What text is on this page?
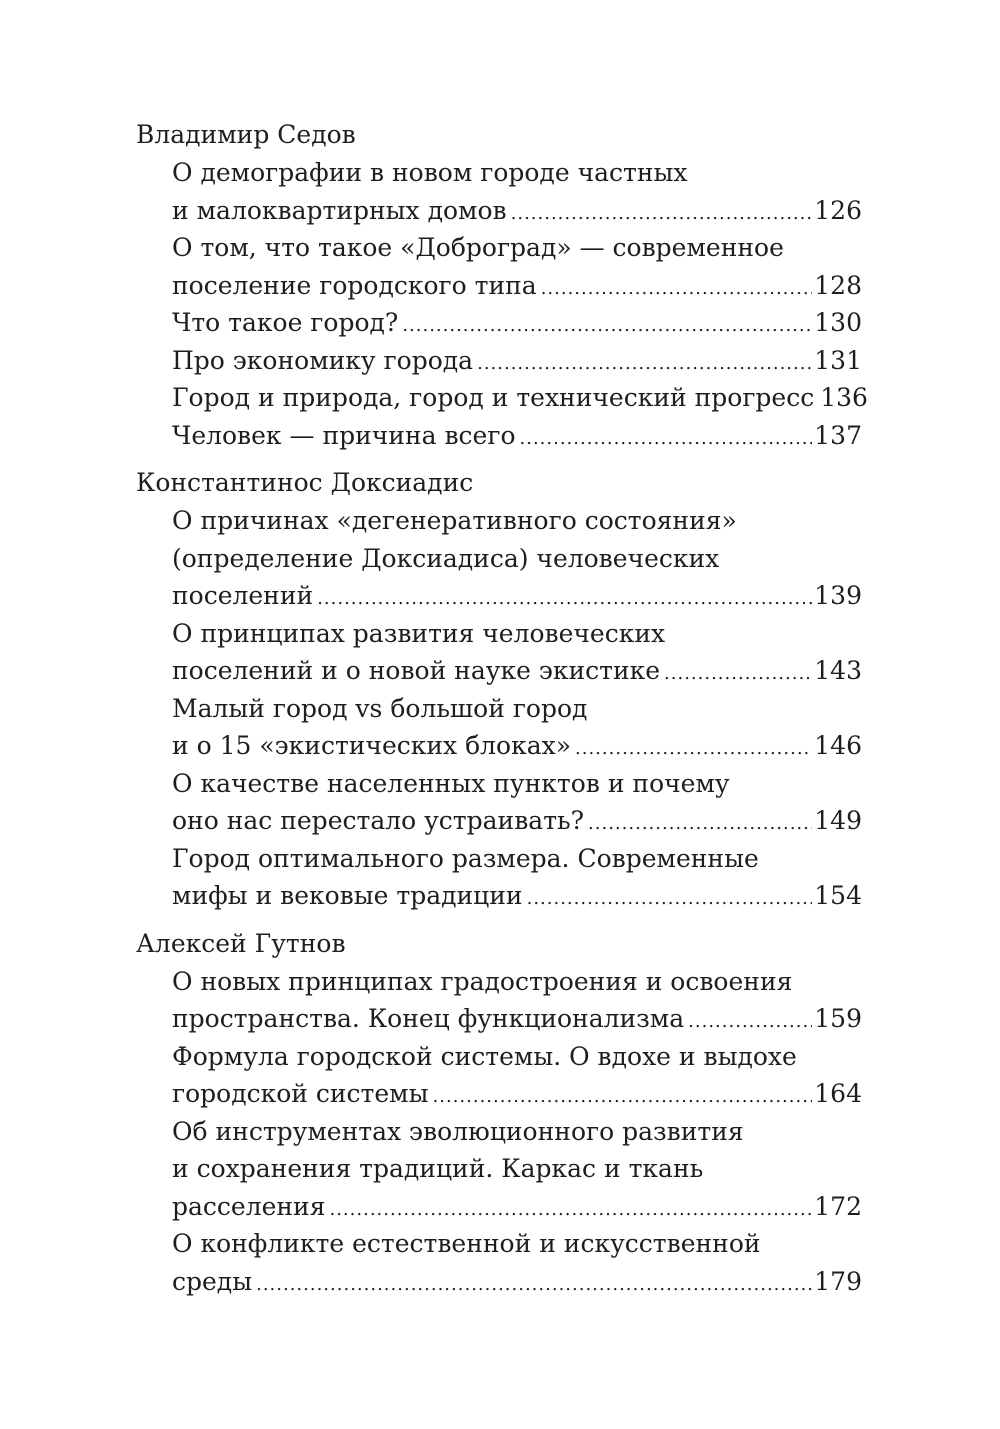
Владимир Седов
О демографии в новом городе частных
и малоквартирных домов .....	126
О том, что такое «Доброград» — современное
поселение городского типа .....	128
Что такое город? .....	130
Про экономику города .....	131
Город и природа, город и технический прогресс 136
Человек — причина всего .....	137
Константинос Доксиадис
О причинах «дегенеративного состояния»
(определение Доксиадиса) человеческих
поселений .....	139
О принципах развития человеческих
поселений и о новой науке экистике .....	143
Малый город vs большой город
и о 15 «экистических блоках» .....	146
О качестве населенных пунктов и почему
оно нас перестало устраивать? .....	149
Город оптимального размера. Современные
мифы и вековые традиции .....	154
Алексей Гутнов
О новых принципах градостроения и освоения
пространства. Конец функционализма .....	159
Формула городской системы. О вдохе и выдохе
городской системы .....	164
Об инструментах эволюционного развития
и сохранения традиций. Каркас и ткань
расселения .....	172
О конфликте естественной и искусственной
среды .....	179
